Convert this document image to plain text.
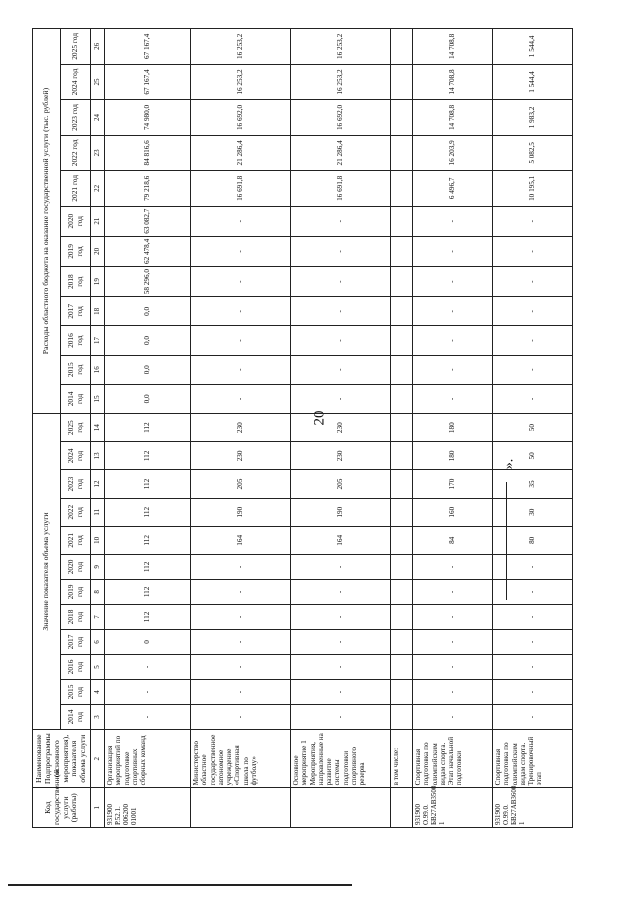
20
».
Код государственной услуги (работы)	Наименование Подпрограммы (основного мероприятия), показателя объема услуги	Значение показателя объема услуги												Расходы областного бюджета на оказание государственной услуги (тыс. рублей)											
		2014 год	2015 год	2016 год	2017 год	2018 год	2019 год	2020 год	2021 год	2022 год	2023 год	2024 год	2025 год	2014 год	2015 год	2016 год	2017 год	2018 год	2019 год	2020 год	2021 год	2022 год	2023 год	2024 год	2025 год
1	2	3	4	5	6	7	8	9	10	11	12	13	14	15	16	17	18	19	20	21	22	23	24	25	26
931900 Р.52.1. 006200 01001	Организация мероприятий по подготовке спортивных сборных команд	-	-	-	0	112	112	112	112	112	112	112	112	0,0	0,0	0,0	0,0	58 296,0	62 478,4	63 082,7	79 218,6	84 816,6	74 980,0	67 167,4	67 167,4
	Министерство областное государственное автономное учреждение «Спортивная школа по футболу»	-	-	-	-	-	-	-	164	190	205	230	230	-	-	-	-	-	-	-	16 691,8	21 286,4	16 692,0	16 253,2	16 253,2
	Основное мероприятие 1 Мероприятия, направленные на развитие системы подготовки спортивного резерва	-	-	-	-	-	-	-	164	190	205	230	230	-	-	-	-	-	-	-	16 691,8	21 286,4	16 692,0	16 253,2	16 253,2
	в том числе:																								
931900 О.99.0. БВ27АВ3500 1	Спортивная подготовка по олимпийским видам спорта. Этап начальной подготовки	-	-	-	-	-	-	-	84	160	170	180	180	-	-	-	-	-	-	-	6 496,7	16 203,9	14 708,8	14 708,8	14 708,8
931900 О.99.0. БВ27АВ3600 1	Спортивная подготовка по олимпийским видам спорта. Тренировочный этап	-	-	-	-	-	-	-	80	30	35	50	50	-	-	-	-	-	-	-	10 195,1	5 082,5	1 983,2	1 544,4	1 544,4
